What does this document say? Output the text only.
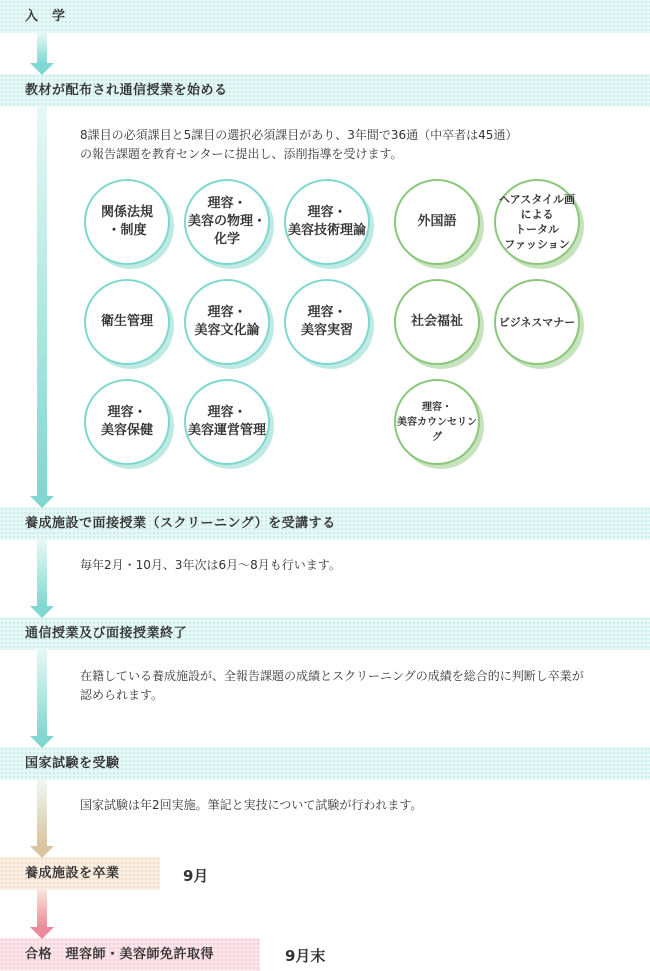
入　学
教材が配布され通信授業を始める
養成施設で面接授業（スクリーニング）を受講する
通信授業及び面接授業終了
国家試験を受験
養成施設を卒業	9月
合格　理容師・美容師免許取得	9月末
8課目の必須課目と5課目の選択必須課目があり、3年間で36通（中卒者は45通）
の報告課題を教育センターに提出し、添削指導を受けます。
毎年2月・10月、3年次は6月〜8月も行います。
在籍している養成施設が、全報告課題の成績とスクリーニングの成績を総合的に判断し卒業が
認められます。
国家試験は年2回実施。筆記と実技について試験が行われます。
関係法規
・制度
理容・
美容の物理・
化学
理容・
美容技術理論
衛生管理
理容・
美容文化論
理容・
美容実習
理容・
美容保健
理容・
美容運営管理
外国語
ヘアスタイル画
による
トータル
ファッション
社会福祉	ビジネスマナー
理容・
美容カウンセリング
